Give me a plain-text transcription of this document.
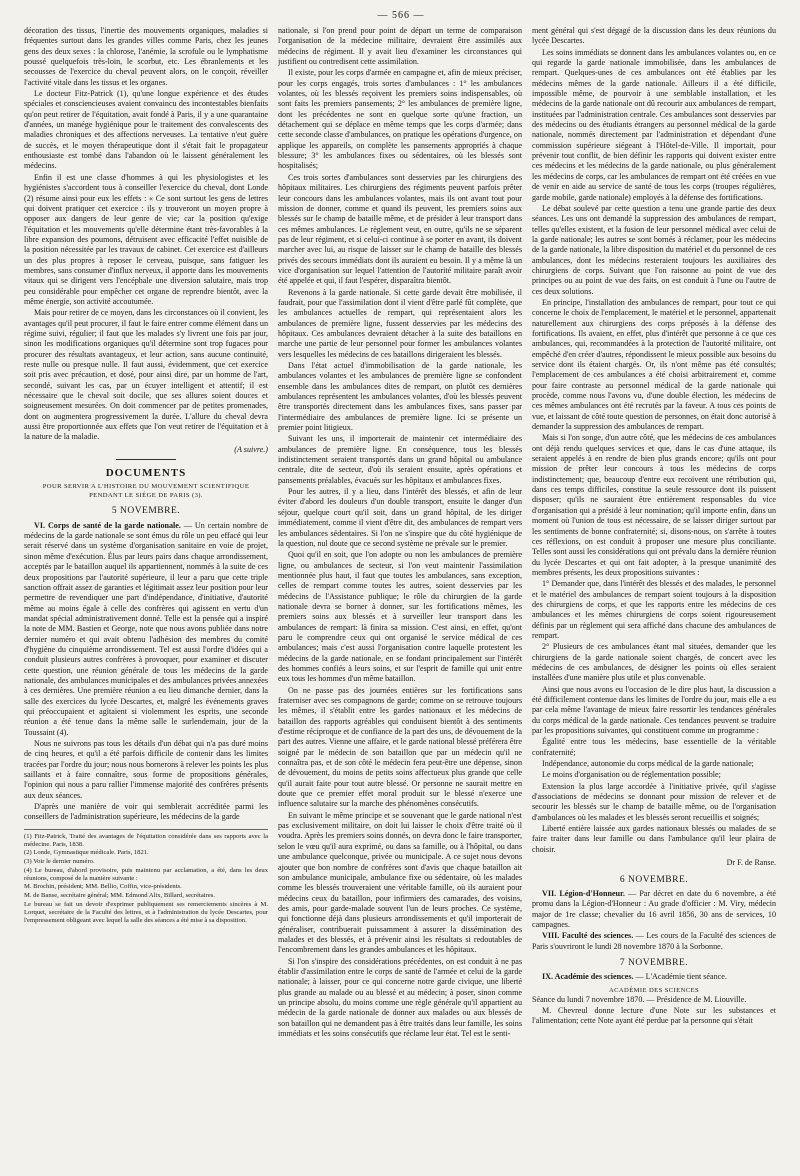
— 566 —

décoration des tissus, l'inertie des mouvements organiques, maladies si fréquentes surtout dans les grandes villes comme Paris, chez les jeunes gens des deux sexes : la chlorose, l'anémie, la scrofule ou le lymphatisme poussé quelquefois très-loin, le scorbut, etc. Les ébranlements et les secousses de l'exercice du cheval peuvent alors, on le conçoit, réveiller l'activité vitale dans les tissus et les organes.

Le docteur Fitz-Patrick (1), qu'une longue expérience et des études spéciales et consciencieuses avaient convaincu des incontestables bienfaits qu'on peut retirer de l'équitation, avait fondé à Paris, il y a une quarantaine d'années, un manége hygiénique pour le traitement des convalescents des maladies chroniques et des affections nerveuses. La tentative n'eut guère de succès, et le moyen thérapeutique dont il s'était fait le propagateur enthousiaste est tombé dans l'abandon où le laissent généralement les médecins.

Enfin il est une classe d'hommes à qui les physiologistes et les hygiénistes s'accordent tous à conseiller l'exercice du cheval, dont Londe (2) résume ainsi pour eux les effets : « Ce sont surtout les gens de lettres qui doivent pratiquer cet exercice : ils y trouveront un moyen propre à opposer aux dangers de leur genre de vie; car la position qu'exige l'équitation et les mouvements qu'elle détermine étant très-favorables à la libre expansion des poumons, détruisent avec efficacité l'effet nuisible de la position nécessitée par les travaux de cabinet. Cet exercice est d'ailleurs un des plus propres à reposer le cerveau, puisque, sans fatiguer les membres, sans consumer d'influx nerveux, il apporte dans les mouvements vitaux qui se dirigent vers l'encéphale une diversion salutaire, mais trop peu considérable pour empêcher cet organe de reprendre bientôt, avec la même énergie, son activité accoutumée.

Mais pour retirer de ce moyen, dans les circonstances où il convient, les avantages qu'il peut procurer, il faut le faire entrer comme élément dans un régime suivi, régulier; il faut que les malades s'y livrent une fois par jour, sinon les modifications organiques qu'il détermine sont trop fugaces pour procurer des résultats avantageux, et leur action, sans aucune continuité, reste nulle ou presque nulle. Il faut aussi, évidemment, que cet exercice soit pris avec précaution, et dosé, pour ainsi dire, par un homme de l'art, secondé, suivant les cas, par un écuyer intelligent et attentif; il est nécessaire que le cheval soit docile, que ses allures soient douces et soigneusement mesurées. On doit commencer par de petites promenades, dont on augmentera progressivement la durée. L'allure du cheval devra aussi être proportionnée aux effets que l'on veut retirer de l'équitation et à la nature de la maladie.

(A suivre.)
DOCUMENTS
POUR SERVIR A L'HISTOIRE DU MOUVEMENT SCIENTIFIQUE
PENDANT LE SIÉGE DE PARIS (3).
5 NOVEMBRE.

VI. Corps de santé de la garde nationale. — Un certain nombre de médecins de la garde nationale se sont émus du rôle un peu effacé qui leur serait réservé dans un système d'organisation sanitaire en voie de projet, sinon même d'exécution. Élus par leurs pairs dans chaque arrondissement, acceptés par le bataillon auquel ils appartiennent, nommés à la suite de ces deux propositions par l'autorité supérieure, il leur a paru que cette triple sanction offrait assez de garanties et légitimait assez leur position pour leur permettre de revendiquer une part d'indépendance, d'initiative, d'autorité même au moins égale à celle des confrères qui agissent en vertu d'un mandat spécial administrativement donné. Telle est la pensée qui a inspiré la note de MM. Bastien et George, note que nous avons publiée dans notre dernier numéro et qui avait obtenu l'adhésion des membres du comité d'hygiène du cinquième arrondissement. Tel est aussi l'ordre d'idées qui a conduit plusieurs autres confrères à provoquer, pour examiner et discuter cette question, une réunion générale de tous les médecins de la garde nationale, des ambulances municipales et des ambulances privées annexées à ces dernières. Une première réunion a eu lieu dimanche dernier, dans la salle des exercices du lycée Descartes, et, malgré les événements graves qui préoccupaient et agitaient si violemment les esprits, une seconde réunion a été tenue dans la même salle le surlendemain, jour de la Toussaint (4).

Nous ne suivrons pas tous les détails d'un débat qui n'a pas duré moins de cinq heures, et qu'il a été parfois difficile de contenir dans les limites tracées par l'ordre du jour; nous nous bornerons à relever les points les plus saillants et à faire connaître, sous forme de propositions générales, l'opinion qui nous a paru rallier l'immense majorité des confrères présents aux deux séances.

D'après une manière de voir qui semblerait accréditée parmi les conseillers de l'administration supérieure, les médecins de la garde

(1) Fitz-Patrick, Traité des avantages de l'équitation considérée dans ses rapports avec la médecine. Paris, 1838.

(2) Londe, Gymnastique médicale. Paris, 1821.

(3) Voir le dernier numéro.

(4) Le bureau, d'abord provisoire, puis maintenu par acclamation, a été, dans les deux réunions, composé de la manière suivante :

M. Brochin, président; MM. Bellio, Coffin, vice-présidents.

M. de Banse, secrétaire général; MM. Edmond Alix, Billard, secrétaires.

Le bureau se fait un devoir d'exprimer publiquement ses remerciements sincères à M. Lorquet, secrétaire de la Faculté des lettres, et à l'administration du lycée Descartes, pour l'empressement obligeant avec lequel la salle des séances a été mise à sa disposition.

nationale, si l'on prend pour point de départ un terme de comparaison l'organisation de la médecine militaire, devraient être assimilés aux médecins de régiment. Il y avait lieu d'examiner les circonstances qui justifient ou contredisent cette assimilation.

Il existe, pour les corps d'armée en campagne et, afin de mieux préciser, pour les corps engagés, trois sortes d'ambulances : 1° les ambulances volantes, où les blessés reçoivent les premiers soins indispensables, où sont faits les premiers pansements; 2° les ambulances de première ligne, dont les précédentes ne sont en quelque sorte qu'une fraction, un détachement qui se déplace en même temps que les corps d'armée; dans cette seconde classe d'ambulances, on pratique les opérations d'urgence, on applique les appareils, on complète les pansements appropriés à chaque blessure; 3° les ambulances fixes ou sédentaires, où les blessés sont hospitalisés;

Ces trois sortes d'ambulances sont desservies par les chirurgiens des hôpitaux militaires. Les chirurgiens des régiments peuvent parfois prêter leur concours dans les ambulances volantes, mais ils ont avant tout pour mission de donner, comme et quand ils peuvent, les premiers soins aux blessés sur le champ de bataille même, et de présider à leur transport dans ces mêmes ambulances. Le règlement veut, en outre, qu'ils ne se séparent pas de leur régiment, et si celui-ci continue à se porter en avant, ils doivent marcher avec lui, au risque de laisser sur le champ de bataille des blessés privés des secours immédiats dont ils auraient eu besoin. Il y a même là un vice d'organisation sur lequel l'attention de l'autorité militaire paraît avoir été appelée et qui, il faut l'espérer, disparaîtra bientôt.

Revenons à la garde nationale. Si cette garde devait être mobilisée, il faudrait, pour que l'assimilation dont il vient d'être parlé fût complète, que les ambulances actuelles de rempart, qui représentaient alors les ambulances de première ligne, fussent desservies par les médecins des hôpitaux. Ces ambulances devraient détacher à la suite des bataillons en marche une partie de leur personnel pour former les ambulances volantes vers lesquelles les médecins de ces bataillons dirigeraient les blessés.

Dans l'état actuel d'immobilisation de la garde nationale, les ambulances volantes et les ambulances de première ligne se confondent ensemble dans les ambulances dites de rempart, on plutôt ces dernières ambulances représentent les ambulances volantes, d'où les blessés peuvent être transportés directement dans les ambulances fixes, sans passer par l'intermédiaire des ambulances de première ligne. Ici se présente un premier point litigieux.

Suivant les uns, il importerait de maintenir cet intermédiaire des ambulances de première ligne. En conséquence, tous les blessés indistinctement seraient transportés dans un grand hôpital ou ambulance centrale, dite de secteur, d'où ils seraient ensuite, après opérations et pansements préalables, évacués sur les hôpitaux et ambulances fixes.

Pour les autres, il y a lieu, dans l'intérêt des blessés, et afin de leur éviter d'abord les douleurs d'un double transport, ensuite le danger d'un séjour, quelque court qu'il soit, dans un grand hôpital, de les diriger immédiatement, comme il vient d'être dit, des ambulances de rempart vers les ambulances sédentaires. Si l'on ne s'inspire que du côté hygiénique de la question, nul doute que ce second système ne prévale sur le premier.

Quoi qu'il en soit, que l'on adopte ou non les ambulances de première ligne, ou ambulances de secteur, si l'on veut maintenir l'assimilation mentionnée plus haut, il faut que toutes les ambulances, sans exception, celles de rempart comme toutes les autres, soient desservies par les médecins de l'Assistance publique; le rôle du chirurgien de la garde nationale devra se borner à donner, sur les fortifications mêmes, les premiers soins aux blessés et à surveiller leur transport dans les ambulances de rempart: là finira sa mission. C'est ainsi, en effet, qu'ont paru le comprendre ceux qui ont organisé le service médical de ces ambulances; mais c'est aussi l'organisation contre laquelle protestent les médecins de la garde nationale, en se fondant principalement sur l'intérêt des hommes confiés à leurs soins, et sur l'esprit de famille qui unit entre eux tous les hommes d'un même bataillon.

On ne passe pas des journées entières sur les fortifications sans fraterniser avec ses compagnons de garde; comme on se retrouve toujours les mêmes, il s'établit entre les gardes nationaux et les médecins de bataillon des rapports agréables qui conduisent bientôt à des sentiments d'estime réciproque et de confiance de la part des uns, de dévouement de la part des autres. Vienne une affaire, et le garde national blessé préférera être soigné par le médecin de son bataillon que par un médecin qu'il ne connaîtra pas, et de son côté le médecin fera peut-être une dépense, sinon de dévouement, du moins de petits soins affectueux plus grande que celle qu'il aurait faite pour tout autre blessé. Or personne ne saurait mettre en doute que ce premier effet moral produit sur le blessé n'exerce une influence salutaire sur la marche des phénomènes consécutifs.

En suivant le même principe et se souvenant que le garde national n'est pas exclusivement militaire, on doit lui laisser le choix d'être traité où il voudra. Après les premiers soins donnés, on devra donc le faire transporter, selon le vœu qu'il aura exprimé, ou dans sa famille, ou à l'hôpital, ou dans une ambulance quelconque, privée ou municipale. A ce sujet nous devons ajouter que bon nombre de confrères sont d'avis que chaque bataillon ait son ambulance municipale, ambulance fixe ou sédentaire, où les malades comme les blessés trouveraient une véritable famille, où ils auraient pour médecins ceux du bataillon, pour infirmiers des camarades, des voisins, des amis, pour garde-malade souvent l'un de leurs proches. Ce système, qui fonctionne déjà dans plusieurs arrondissements et qu'il importerait de généraliser, contribuerait puissamment à assurer la dissémination des malades et des blessés, et à prévenir ainsi les résultats si redoutables de l'encombrement dans les grandes ambulances et les hôpitaux.

Si l'on s'inspire des considérations précédentes, on est conduit à ne pas établir d'assimilation entre le corps de santé de l'armée et celui de la garde nationale; à laisser, pour ce qui concerne notre garde civique, une liberté plus grande au malade ou au blessé et au médecin; à poser, sinon comme un principe absolu, du moins comme une règle générale qu'il appartient au médecin de la garde nationale de donner aux malades ou aux blessés de son bataillon qui ne demandent pas à être traités dans leur famille, les soins immédiats et les soins consécutifs que réclame leur état. Tel est le senti-

ment général qui s'est dégagé de la discussion dans les deux réunions du lycée Descartes.

Les soins immédiats se donnent dans les ambulances volantes ou, en ce qui regarde la garde nationale immobilisée, dans les ambulances de rempart. Quelques-unes de ces ambulances ont été établies par les médecins mêmes de la garde nationale. Ailleurs il a été difficile, impossible même, de pourvoir à une semblable installation, et les médecins de la garde nationale ont dû recourir aux ambulances de rempart, instituées par l'administration centrale. Ces ambulances sont desservies par des médecins ou des étudiants étrangers au personnel médical de la garde nationale, nommés directement par l'administration et dépendant d'une commission supérieure siégeant à l'Hôtel-de-Ville. Il importait, pour prévenir tout conflit, de bien définir les rapports qui doivent exister entre ces médecins et les médecins de la garde nationale, ou plus généralement les médecins de corps, car les ambulances de rempart ont été créées en vue de venir en aide au service de santé de tous les corps (troupes régulières, garde mobile, garde nationale) employés à la défense des fortifications.

Le débat soulevé par cette question a tenu une grande partie des deux séances. Les uns ont demandé la suppression des ambulances de rempart, telles qu'elles existent, et la fusion de leur personnel médical avec celui de la garde nationale; les autres se sont bornés à réclamer, pour les médecins de la garde nationale, la libre disposition du matériel et du personnel de ces ambulances, dont les médecins resteraient toujours les auxiliaires des chirurgiens de corps. Suivant que l'on raisonne au point de vue des principes ou au point de vue des faits, on est conduit à l'une ou l'autre de ces deux solutions.

En principe, l'installation des ambulances de rempart, pour tout ce qui concerne le choix de l'emplacement, le matériel et le personnel, appartenait naturellement aux chirurgiens des corps préposés à la défense des fortifications. Ils avaient, en effet, plus d'intérêt que personne à ce que ces ambulances, qui, recommandées à la protection de l'autorité militaire, ont empêché d'en créer d'autres, répondissent le mieux possible aux besoins du service dont ils étaient chargés. Or, ils n'ont même pas été consultés; l'emplacement de ces ambulances a été choisi arbitrairement et, comme pour faire contraste au personnel médical de la garde nationale qui procède, comme nous l'avons vu, d'une double élection, les médecins de ces mêmes ambulances ont été recrutés par la faveur. A tous ces points de vue, et laissant de côté toute question de personnes, on était donc autorisé à demander la suppression des ambulances de rempart.

Mais si l'on songe, d'un autre côté, que les médecins de ces ambulances ont déjà rendu quelques services et que, dans le cas d'une attaque, ils seraient appelés à en rendre de bien plus grands encore; qu'ils ont pour mission de prêter leur concours à tous les médecins de corps indistinctement; que, beaucoup d'entre eux recoivent une rétribution qui, dans ces temps difficiles, constitue la seule ressource dont ils puissent disposer; qu'ils ne sauraient être entièrement responsables du vice d'organisation qui a présidé à leur nomination; qu'il importe enfin, dans un moment où l'union de tous est nécessaire, de se laisser diriger surtout par les sentiments de bonne confraternité; si, disons-nous, on s'arrête à toutes ces réflexions, on est conduit à proposer une mesure plus conciliante. Telles sont aussi les considérations qui ont prévalu dans la dernière réunion du lycée Descartes et qui ont fait adopter, à la presque unanimité des membres présents, les deux propositions suivantes :

1° Demander que, dans l'intérêt des blessés et des malades, le personnel et le matériel des ambulances de rempart soient toujours à la disposition des chirurgiens de corps, et que les rapports entre les médecins de ces ambulances et les mêmes chirurgiens de corps soient rigoureusement définis par un règlement qui sera affiché dans chacune des ambulances de rempart.

2° Plusieurs de ces ambulances étant mal situées, demander que les chirurgiens de la garde nationale soient chargés, de concert avec les médecins de ces ambulances, de désigner les points où elles seraient installées d'une manière plus utile et plus convenable.

Ainsi que nous avons eu l'occasion de le dire plus haut, la discussion a été difficilement contenue dans les limites de l'ordre du jour, mais elle a eu par cela même l'avantage de mieux faire ressortir les tendances générales du corps médical de la garde nationale. Ces tendances peuvent se traduire par les propositions suivantes, qui constituent comme un programme :

Égalité entre tous les médecins, base essentielle de la véritable confraternité;

Indépendance, autonomie du corps médical de la garde nationale;

Le moins d'organisation ou de réglementation possible;

Extension la plus large accordée à l'initiative privée, qu'il s'agisse d'associations de médecins se donnant pour mission de relever et de secourir les blessés sur le champ de bataille même, ou de l'organisation d'ambulances où les malades et les blessés seront recueillis et soignés;

Liberté entière laissée aux gardes nationaux blessés ou malades de se faire traiter dans leur famille ou dans l'ambulance qu'il leur plaira de choisir.

Dr F. de Ranse.
6 NOVEMBRE.

VII. Légion-d'Honneur. — Par décret en date du 6 novembre, a été promu dans la Légion-d'Honneur : Au grade d'officier : M. Viry, médecin major de 1re classe; chevalier du 16 avril 1856, 30 ans de services, 10 campagnes.

VIII. Faculté des sciences. — Les cours de la Faculté des sciences de Paris s'ouvriront le lundi 28 novembre 1870 à la Sorbonne.

7 NOVEMBRE.

IX. Académie des sciences. — L'Académie tient séance.

ACADÉMIE DES SCIENCES

Séance du lundi 7 novembre 1870. — Présidence de M. Liouville.

M. Chevreul donne lecture d'une Note sur les substances et l'alimentation; cette Note ayant été perdue par la personne qui s'était
